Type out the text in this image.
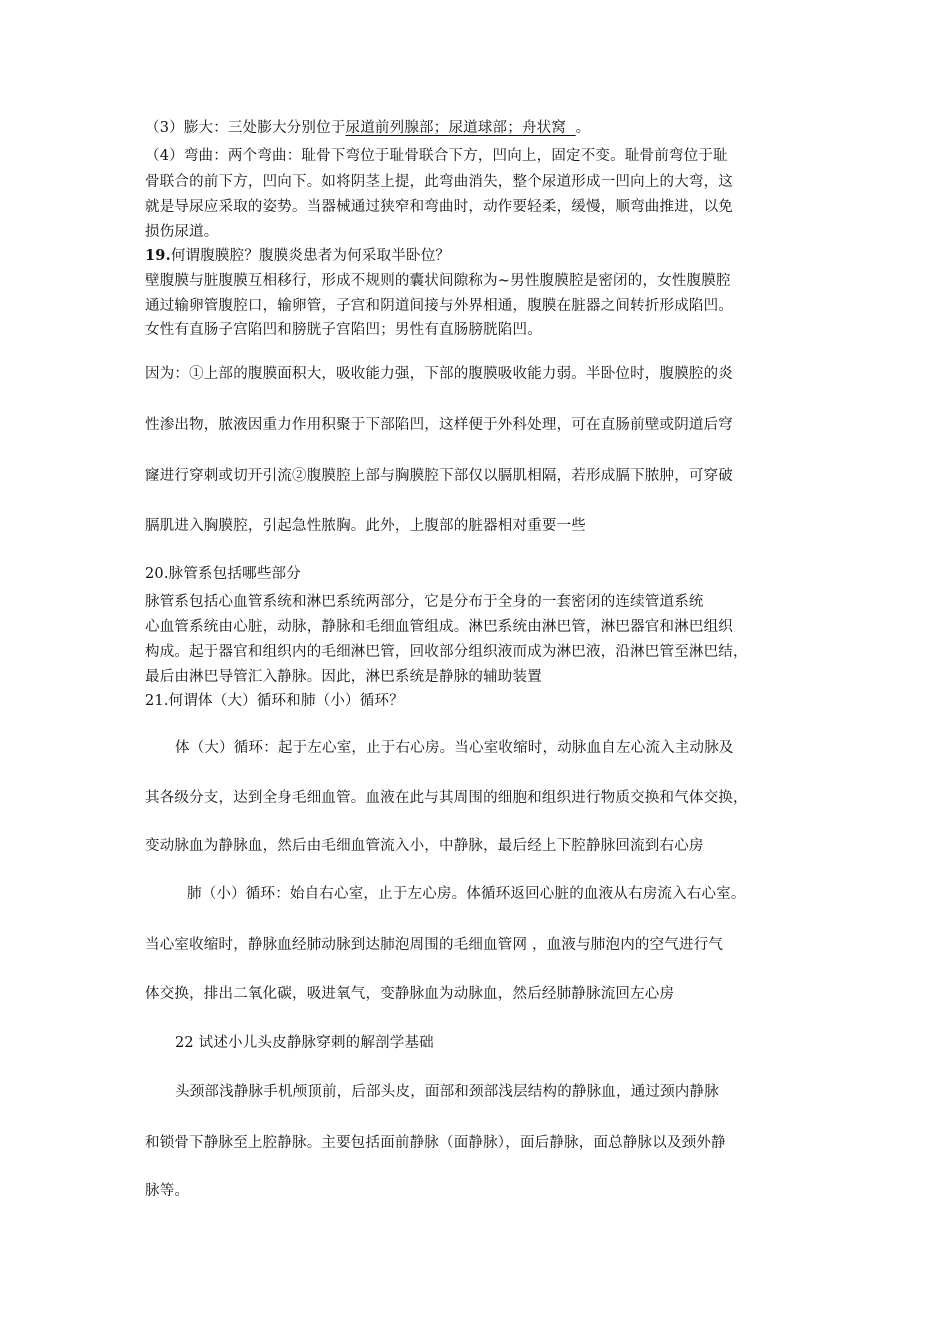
（3）膨大：三处膨大分别位于尿道前列腺部；尿道球部；舟状窝  。
（4）弯曲：两个弯曲：耻骨下弯位于耻骨联合下方，凹向上，固定不变。耻骨前弯位于耻
骨联合的前下方，凹向下。如将阴茎上提，此弯曲消失，整个尿道形成一凹向上的大弯，这
就是导尿应采取的姿势。当器械通过狭窄和弯曲时，动作要轻柔，缓慢，顺弯曲推进，以免
损伤尿道。
19.何谓腹膜腔？腹膜炎患者为何采取半卧位？
壁腹膜与脏腹膜互相移行，形成不规则的囊状间隙称为~男性腹膜腔是密闭的，女性腹膜腔
通过输卵管腹腔口，输卵管，子宫和阴道间接与外界相通，腹膜在脏器之间转折形成陷凹。
女性有直肠子宫陷凹和膀胱子宫陷凹；男性有直肠膀胱陷凹。
因为：①上部的腹膜面积大，吸收能力强，下部的腹膜吸收能力弱。半卧位时，腹膜腔的炎
性渗出物，脓液因重力作用积聚于下部陷凹，这样便于外科处理，可在直肠前壁或阴道后穹
窿进行穿刺或切开引流②腹膜腔上部与胸膜腔下部仅以膈肌相隔，若形成膈下脓肿，可穿破
膈肌进入胸膜腔，引起急性脓胸。此外，上腹部的脏器相对重要一些
20.脉管系包括哪些部分
脉管系包括心血管系统和淋巴系统两部分，它是分布于全身的一套密闭的连续管道系统
心血管系统由心脏，动脉，静脉和毛细血管组成。淋巴系统由淋巴管，淋巴器官和淋巴组织
构成。起于器官和组织内的毛细淋巴管，回收部分组织液而成为淋巴液，沿淋巴管至淋巴结，
最后由淋巴导管汇入静脉。因此，淋巴系统是静脉的辅助装置
21.何谓体（大）循环和肺（小）循环？
体（大）循环：起于左心室，止于右心房。当心室收缩时，动脉血自左心流入主动脉及
其各级分支，达到全身毛细血管。血液在此与其周围的细胞和组织进行物质交换和气体交换，
变动脉血为静脉血，然后由毛细血管流入小，中静脉，最后经上下腔静脉回流到右心房
肺（小）循环：始自右心室，止于左心房。体循环返回心脏的血液从右房流入右心室。
当心室收缩时，静脉血经肺动脉到达肺泡周围的毛细血管网 ，血液与肺泡内的空气进行气
体交换，排出二氧化碳，吸进氧气，变静脉血为动脉血，然后经肺静脉流回左心房
22 试述小儿头皮静脉穿刺的解剖学基础
头颈部浅静脉手机颅顶前，后部头皮，面部和颈部浅层结构的静脉血，通过颈内静脉
和锁骨下静脉至上腔静脉。主要包括面前静脉（面静脉），面后静脉，面总静脉以及颈外静
脉等。
